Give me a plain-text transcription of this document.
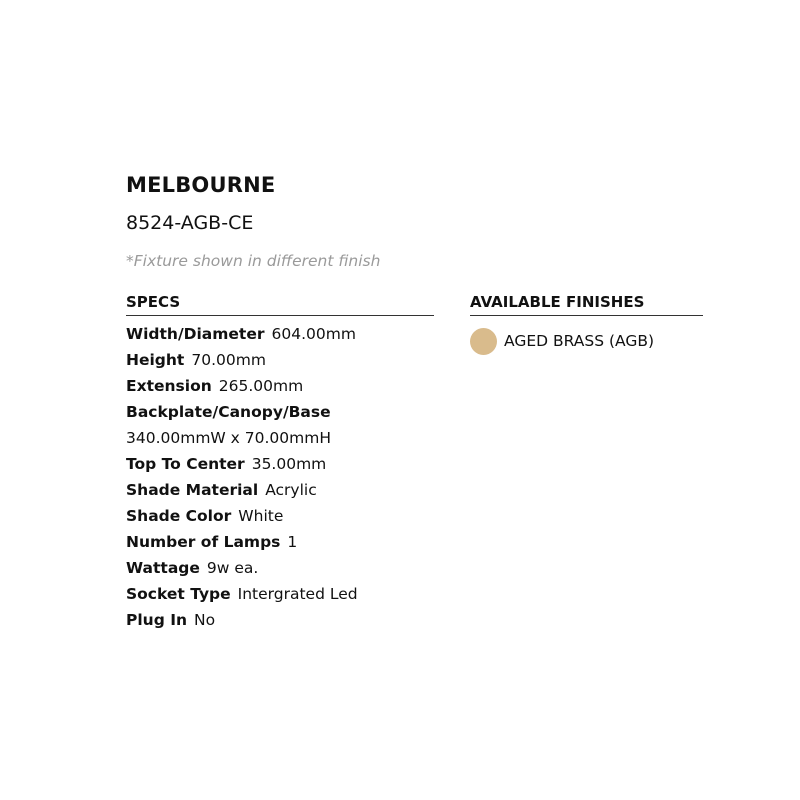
MELBOURNE
8524-AGB-CE
*Fixture shown in different finish
SPECS	AVAILABLE FINISHES
Width/Diameter 604.00mm
Height 70.00mm
Extension 265.00mm
Backplate/Canopy/Base
340.00mmW x 70.00mmH
Top To Center 35.00mm
Shade Material Acrylic
Shade Color White
Number of Lamps 1
Wattage 9w ea.
Socket Type Intergrated Led
Plug In No
AGED BRASS (AGB)
